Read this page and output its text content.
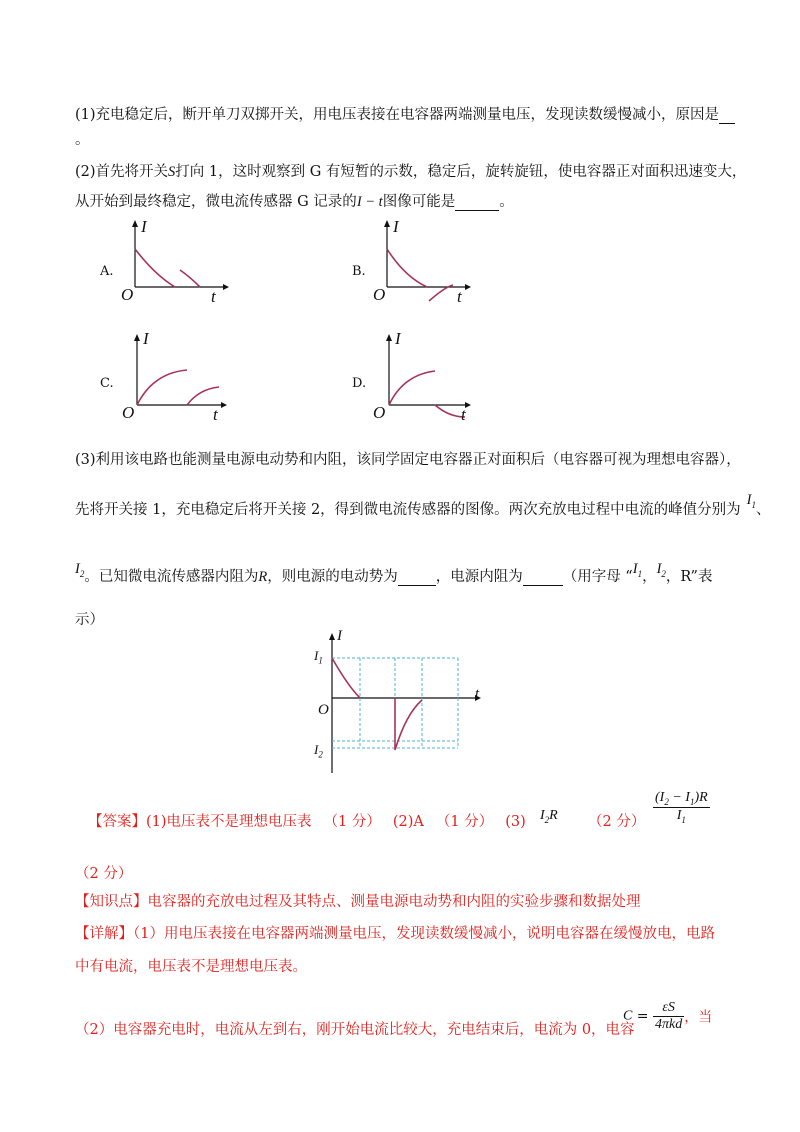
(1)充电稳定后，断开单刀双掷开关，用电压表接在电容器两端测量电压，发现读数缓慢减小，原因是
。
(2)首先将开关S打向 1，这时观察到 G 有短暂的示数，稳定后，旋转旋钮，使电容器正对面积迅速变大，
从开始到最终稳定，微电流传感器 G 记录的I − t图像可能是	。
A.
I
O	t
B.
I
O	t
C.
I
O	t
D.
I
O	t
(3)利用该电路也能测量电源电动势和内阻，该同学固定电容器正对面积后（电容器可视为理想电容器），
先将开关接 1，充电稳定后将开关接 2，得到微电流传感器的图像。两次充放电过程中电流的峰值分别为$I_1$、
$I_2$。已知微电流传感器内阻为R，则电源的电动势为	，电源内阻为	（用字母 “$I_1$，$I_2$，R”表
示）
I
t
O
$I_1$
$I_2$
【答案】(1)电压表不是理想电压表 （1 分） (2)A （1 分） (3) $I_2R$ （2 分） $\frac{(I_2 - I_1)R}{I_1}$
（2 分）
【知识点】电容器的充放电过程及其特点、测量电源电动势和内阻的实验步骤和数据处理
【详解】（1）用电压表接在电容器两端测量电压，发现读数缓慢减小，说明电容器在缓慢放电，电路
中有电流，电压表不是理想电压表。
（2）电容器充电时，电流从左到右，刚开始电流比较大，充电结束后，电流为 0，电容
$C = \frac{\varepsilon S}{\text{4πkd}}$ ，当
